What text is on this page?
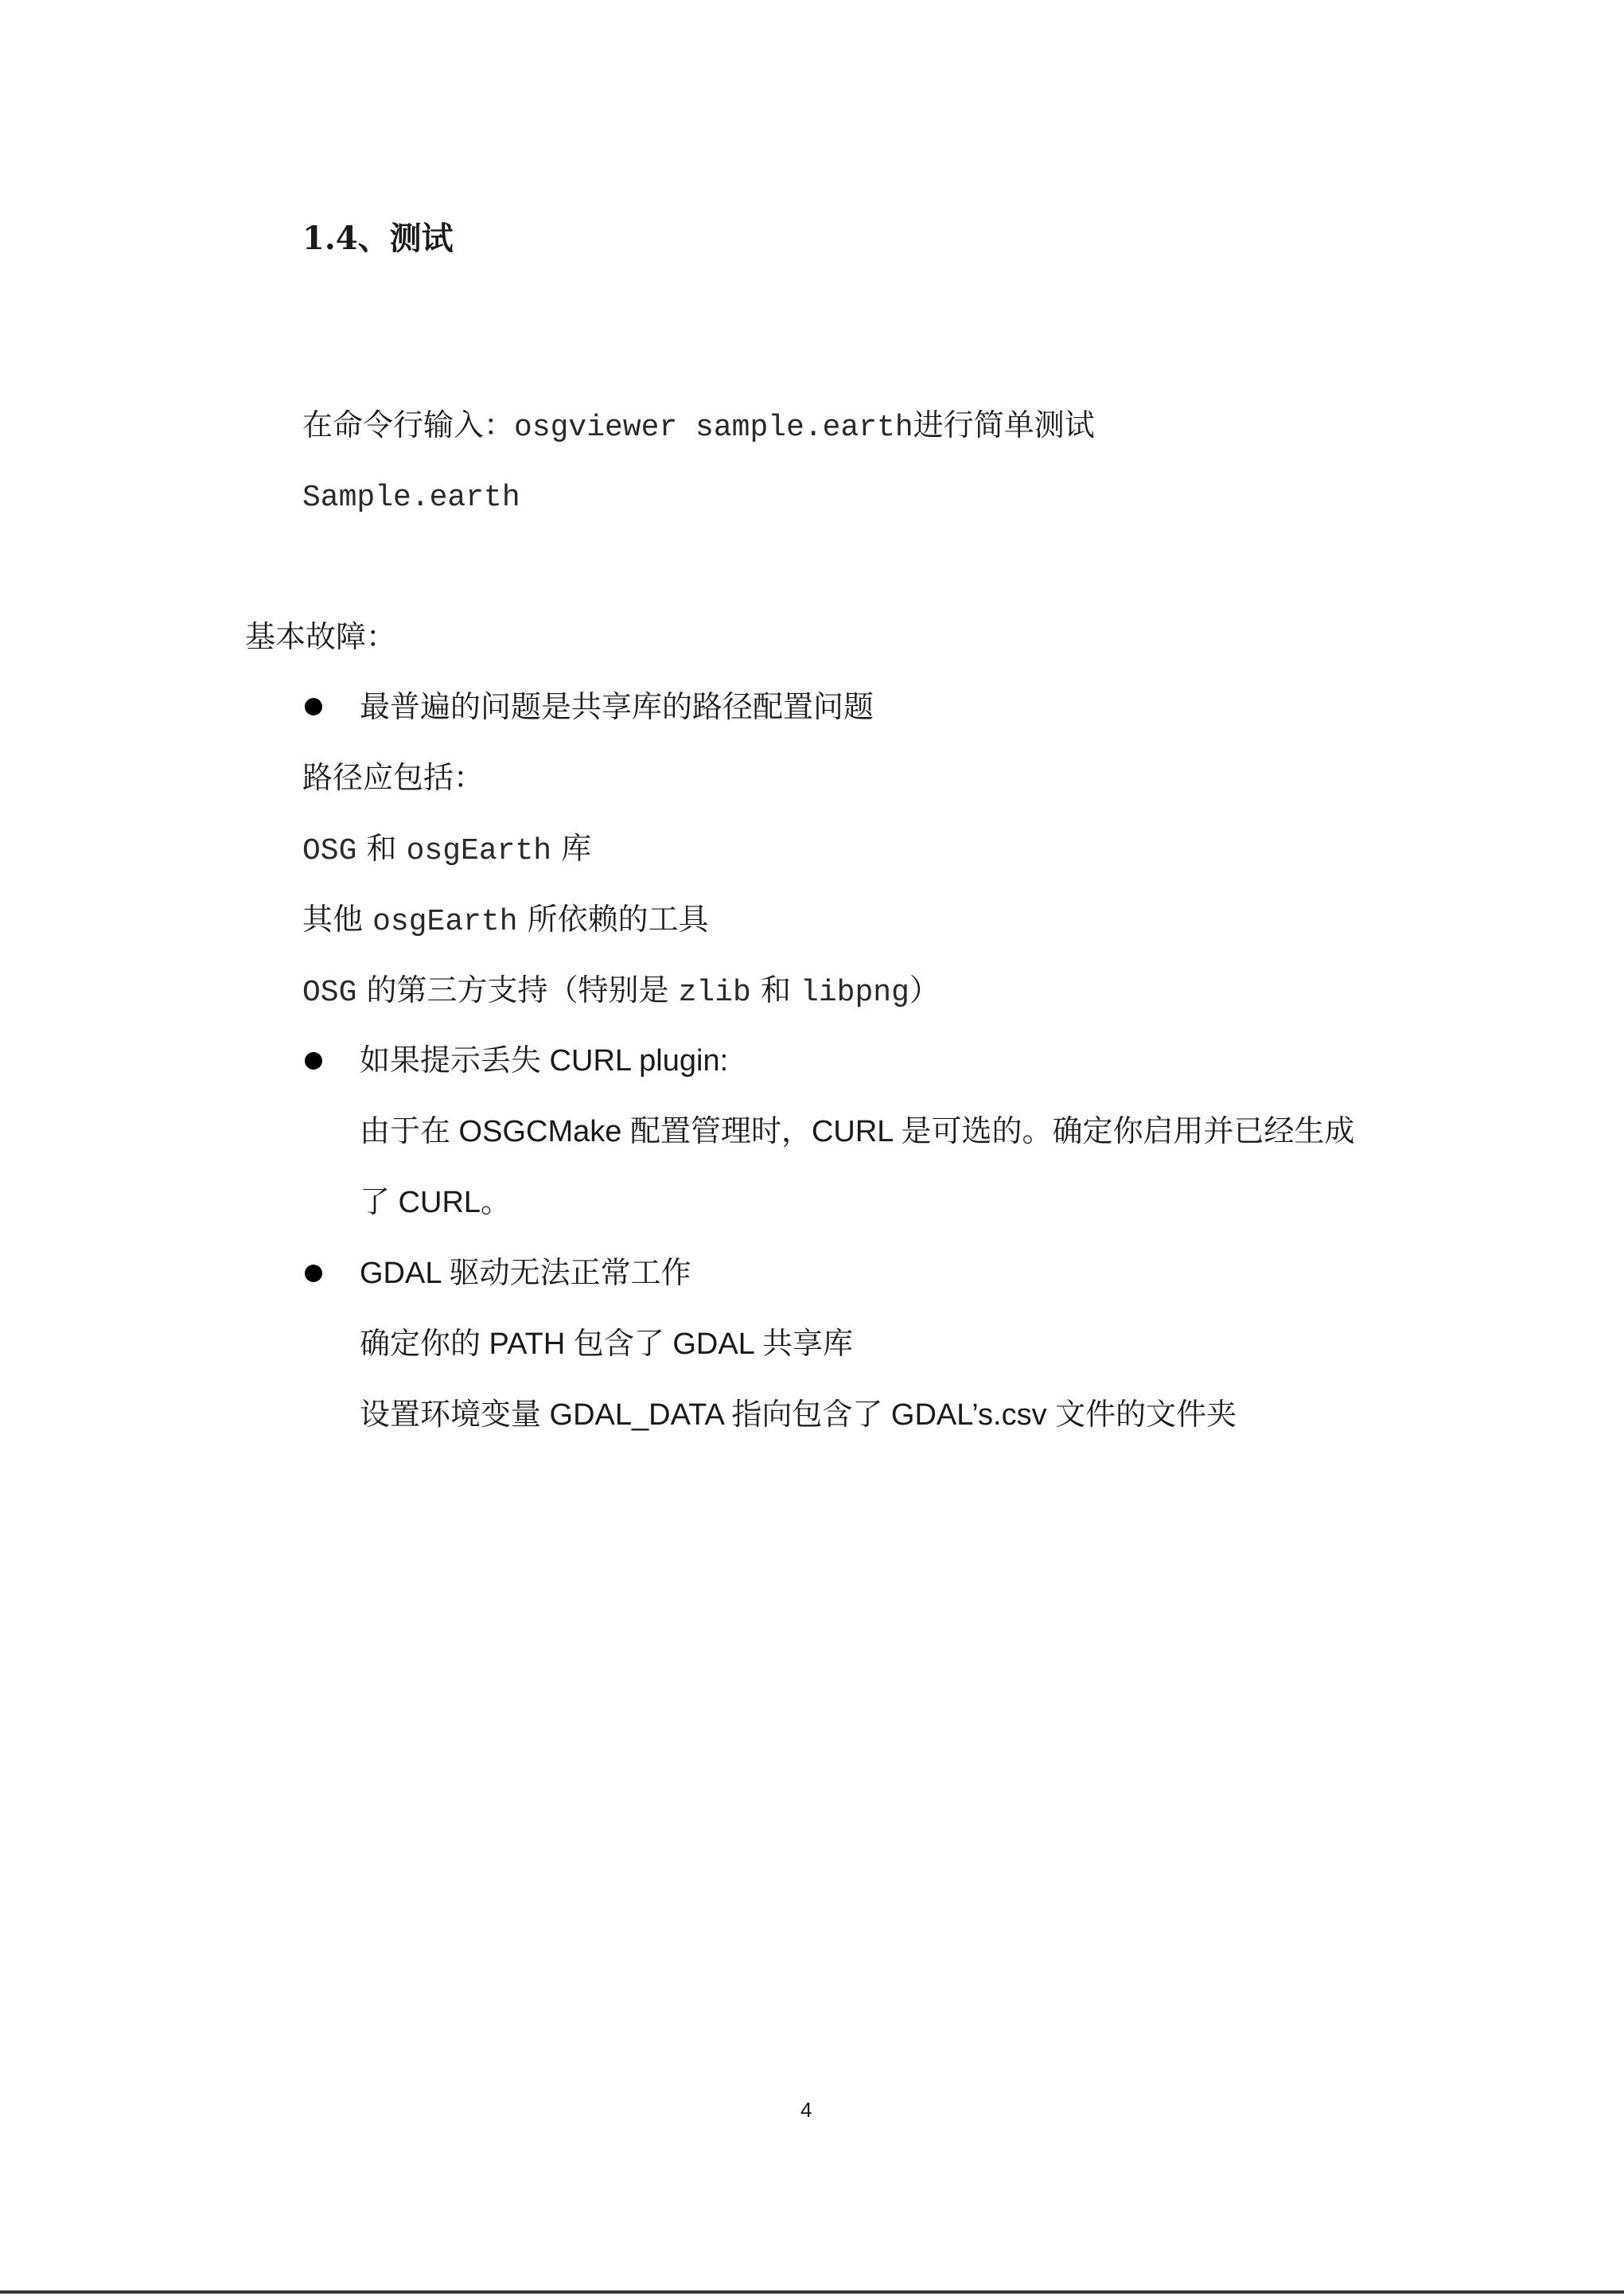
1.4、测试
在命令行输入：osgviewer sample.earth进行简单测试
Sample.earth
基本故障：
最普遍的问题是共享库的路径配置问题
路径应包括：
OSG 和 osgEarth 库
其他 osgEarth 所依赖的工具
OSG 的第三方支持（特别是 zlib 和 libpng）
如果提示丢失 CURL plugin:
由于在 OSGCMake 配置管理时，CURL 是可选的。确定你启用并已经生成
了 CURL。
GDAL 驱动无法正常工作
确定你的 PATH 包含了 GDAL 共享库
设置环境变量 GDAL_DATA 指向包含了 GDAL’s.csv 文件的文件夹
4
